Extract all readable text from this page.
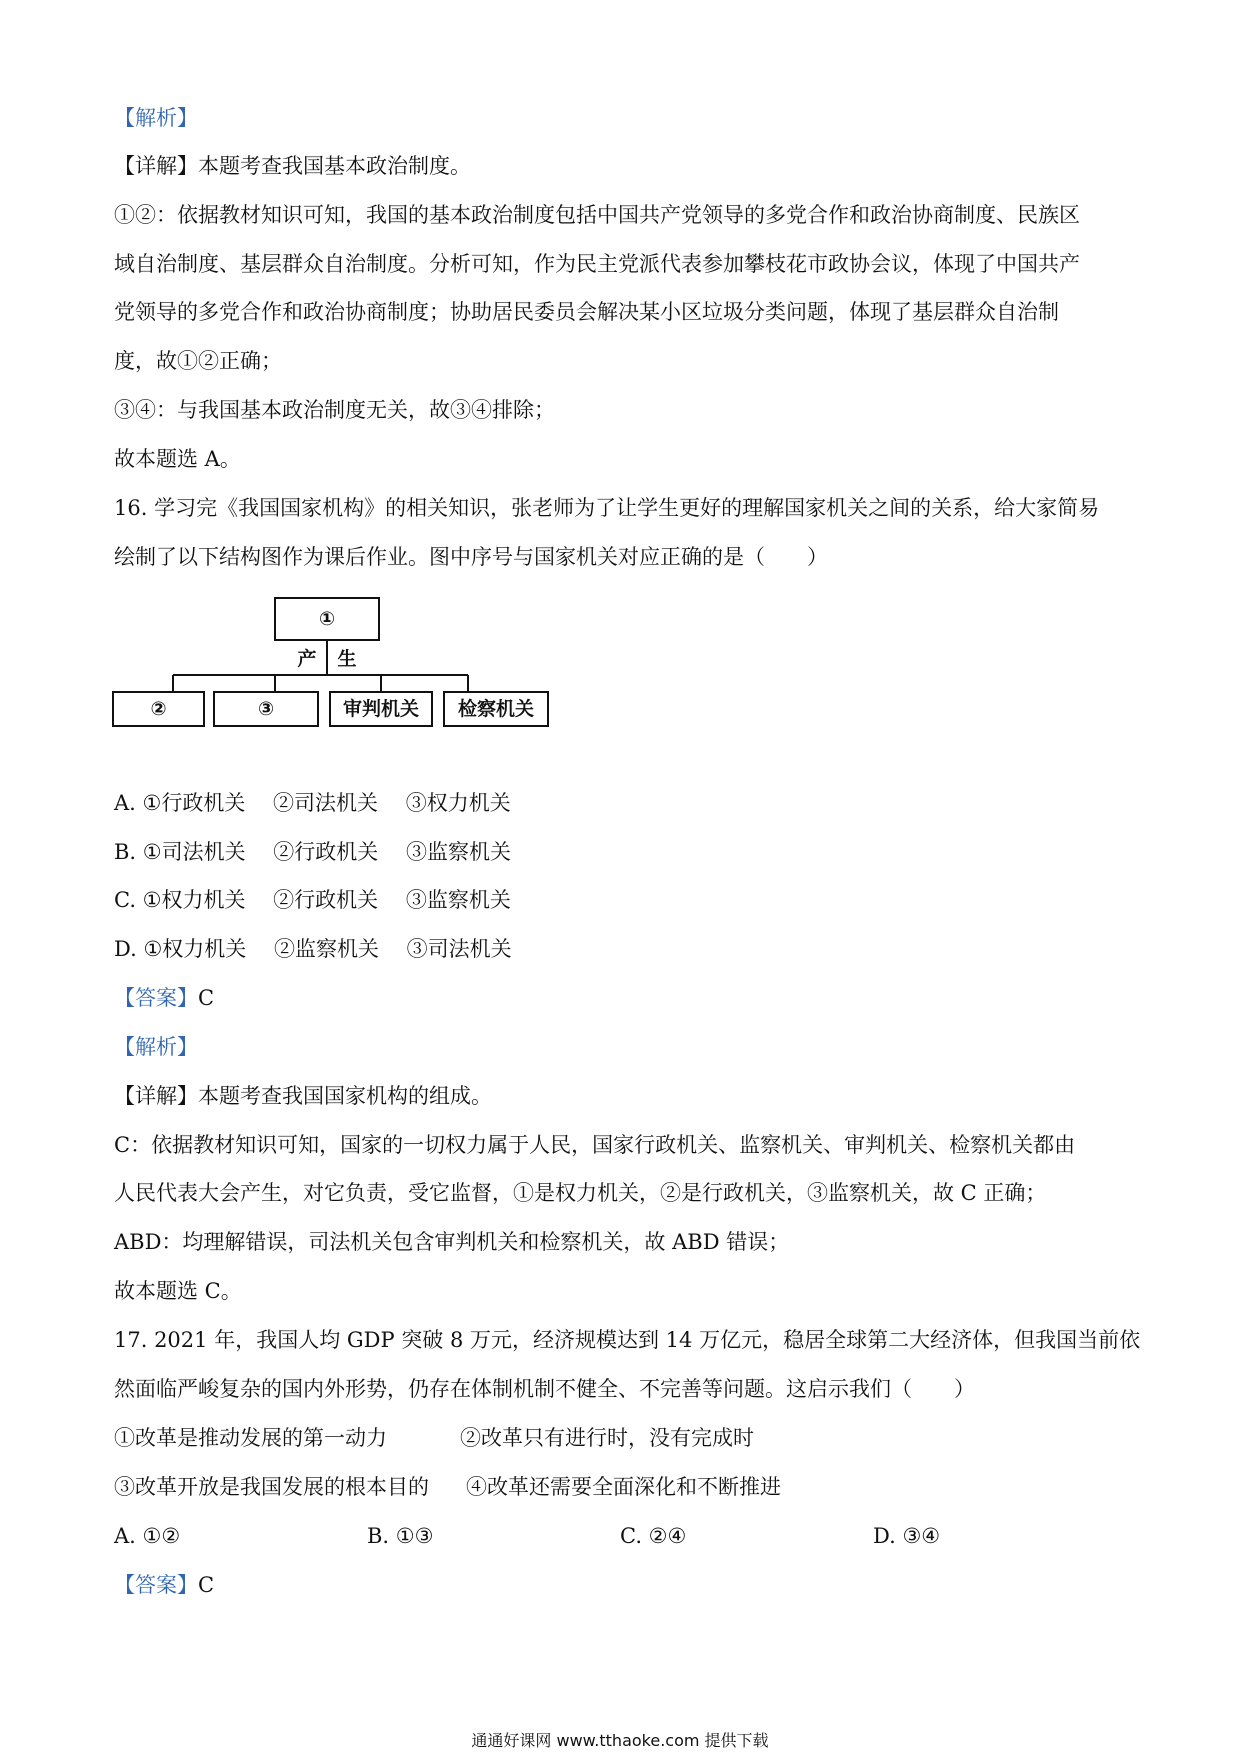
【解析】
【详解】本题考查我国基本政治制度。
①②：依据教材知识可知，我国的基本政治制度包括中国共产党领导的多党合作和政治协商制度、民族区
域自治制度、基层群众自治制度。分析可知，作为民主党派代表参加攀枝花市政协会议，体现了中国共产
党领导的多党合作和政治协商制度；协助居民委员会解决某小区垃圾分类问题，体现了基层群众自治制
度，故①②正确；
③④：与我国基本政治制度无关，故③④排除；
故本题选 A。
16. 学习完《我国国家机构》的相关知识，张老师为了让学生更好的理解国家机关之间的关系，给大家简易
绘制了以下结构图作为课后作业。图中序号与国家机关对应正确的是（　　）
①
产 生
②	③	审判机关	检察机关
A. ①行政机关　 ②司法机关　 ③权力机关
B. ①司法机关　 ②行政机关　 ③监察机关
C. ①权力机关　 ②行政机关　 ③监察机关
D. ①权力机关　 ②监察机关　 ③司法机关
【答案】C
【解析】
【详解】本题考查我国国家机构的组成。
C：依据教材知识可知，国家的一切权力属于人民，国家行政机关、监察机关、审判机关、检察机关都由
人民代表大会产生，对它负责，受它监督，①是权力机关，②是行政机关，③监察机关，故 C 正确；
ABD：均理解错误，司法机关包含审判机关和检察机关，故 ABD 错误；
故本题选 C。
17. 2021 年，我国人均 GDP 突破 8 万元，经济规模达到 14 万亿元，稳居全球第二大经济体，但我国当前依
然面临严峻复杂的国内外形势，仍存在体制机制不健全、不完善等问题。这启示我们（　　）
①改革是推动发展的第一动力	②改革只有进行时，没有完成时
③改革开放是我国发展的根本目的 ④改革还需要全面深化和不断推进
A. ①②	B. ①③	C. ②④	D. ③④
【答案】C
通通好课网 www.tthaoke.com 提供下载
